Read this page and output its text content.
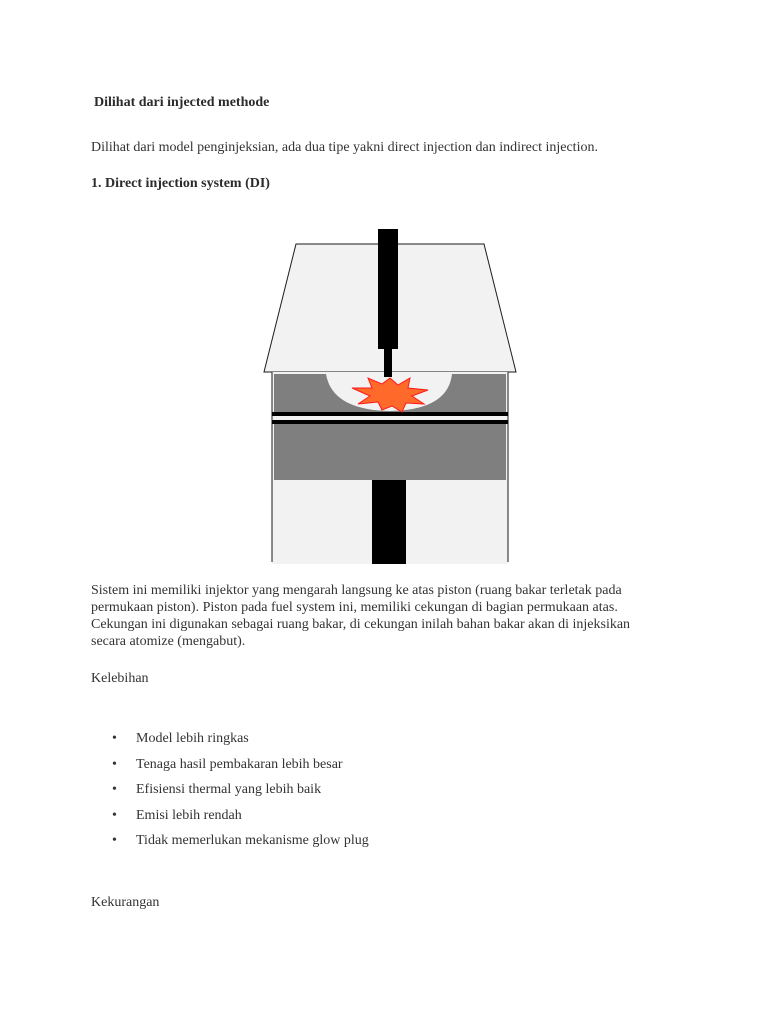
Dilihat dari injected methode
Dilihat dari model penginjeksian, ada dua tipe yakni direct injection dan indirect injection.
1. Direct injection system (DI)
Sistem ini memiliki injektor yang mengarah langsung ke atas piston (ruang bakar terletak pada
permukaan piston). Piston pada fuel system ini, memiliki cekungan di bagian permukaan atas.
Cekungan ini digunakan sebagai ruang bakar, di cekungan inilah bahan bakar akan di injeksikan
secara atomize (mengabut).
Kelebihan
• Model lebih ringkas
• Tenaga hasil pembakaran lebih besar
• Efisiensi thermal yang lebih baik
• Emisi lebih rendah
• Tidak memerlukan mekanisme glow plug
Kekurangan
